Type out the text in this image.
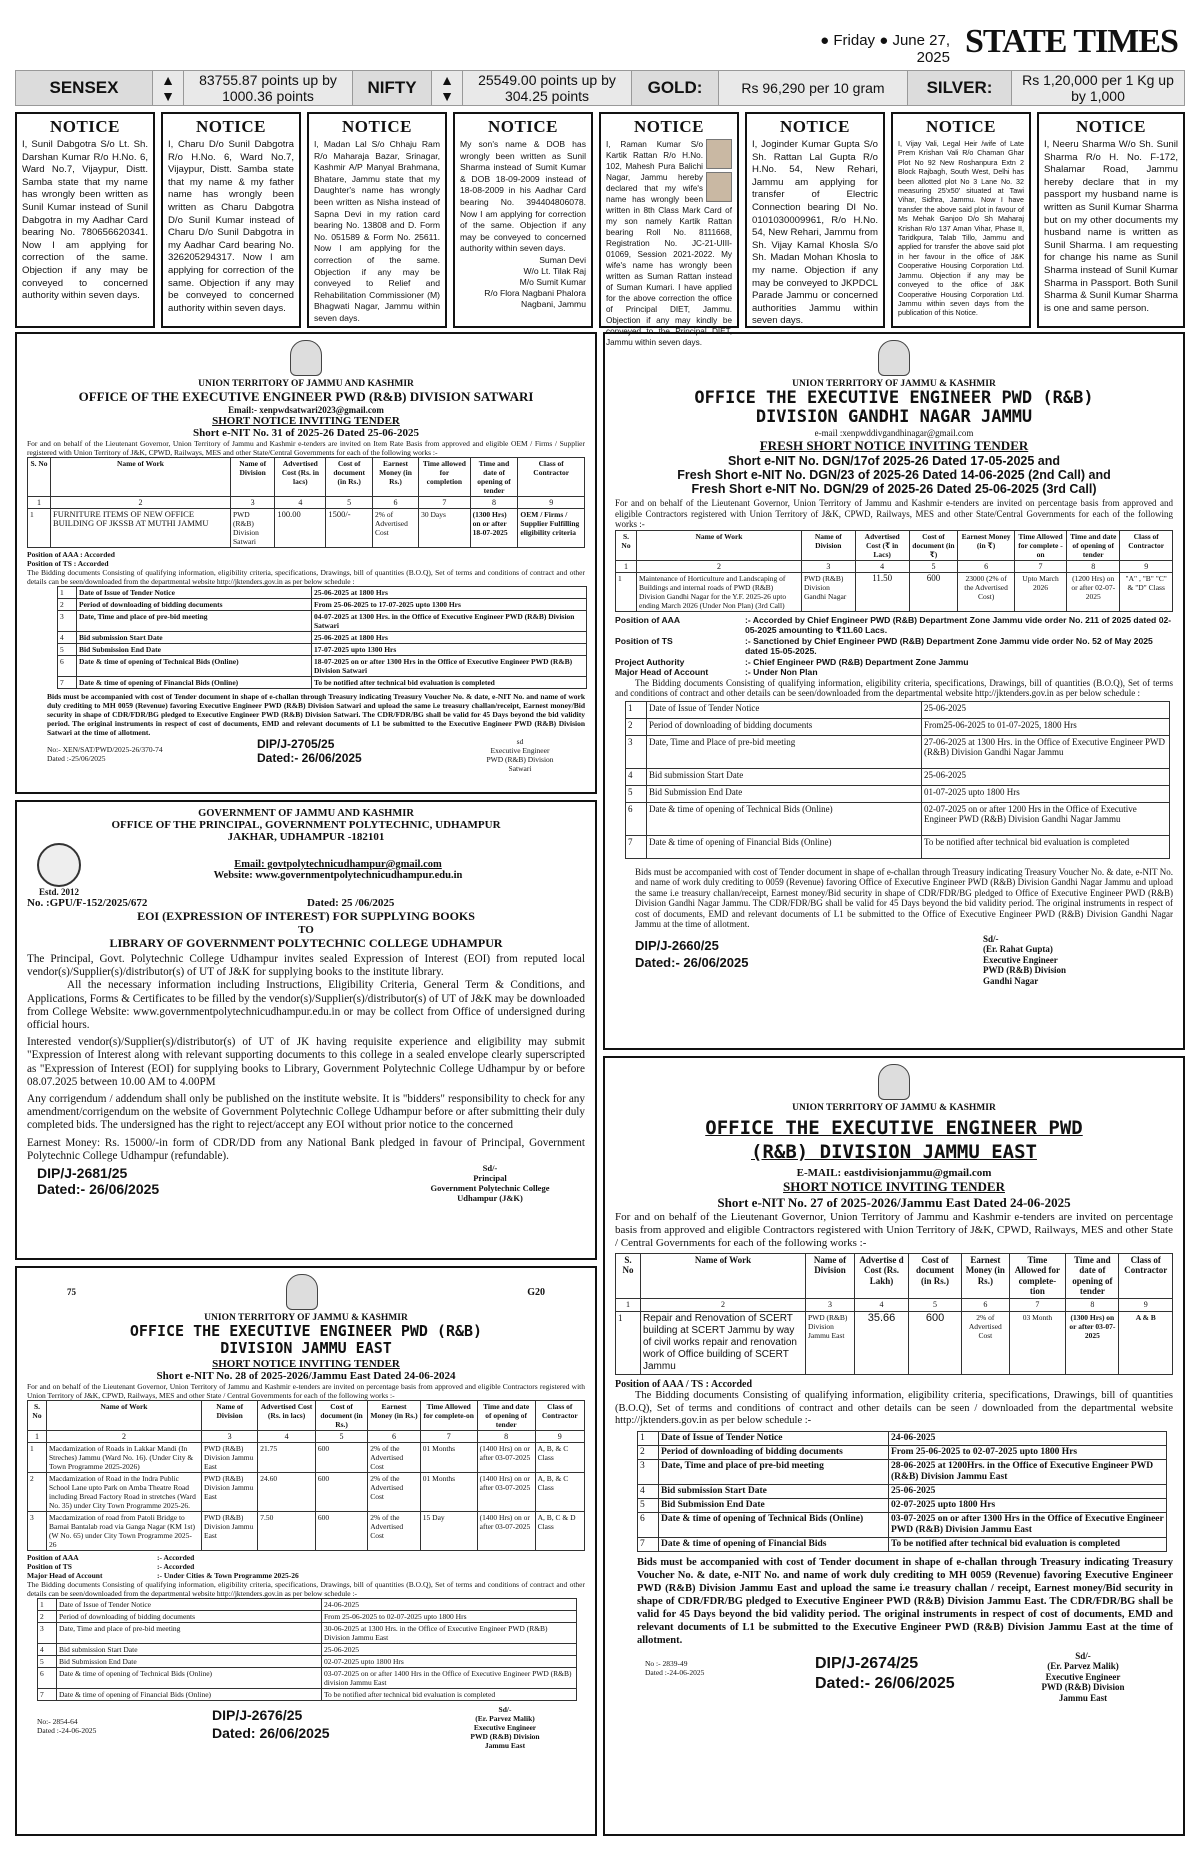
● Friday ● June 27, 2025 STATE TIMES
SENSEX	▲
▼
83755.87 points up by 1000.36 points	NIFTY	▲
▼
25549.00 points up by 304.25 points	GOLD:	Rs 96,290 per 10 gram	SILVER:	Rs 1,20,000 per 1 Kg up by 1,000
NOTICE

I, Sunil Dabgotra S/o Lt. Sh. Darshan Kumar R/o H.No. 6, Ward No.7, Vijaypur, Distt. Samba state that my name has wrongly been written as Sunil Kumar instead of Sunil Dabgotra in my Aadhar Card bearing No. 780656620341. Now I am applying for correction of the same. Objection if any may be conveyed to concerned authority within seven days.

NOTICE

I, Charu D/o Sunil Dabgotra R/o H.No. 6, Ward No.7, Vijaypur, Distt. Samba state that my name & my father name has wrongly been written as Charu Dabgotra D/o Sunil Kumar instead of Charu D/o Sunil Dabgotra in my Aadhar Card bearing No. 326205294317. Now I am applying for correction of the same. Objection if any may be conveyed to concerned authority within seven days.

NOTICE

I, Madan Lal S/o Chhaju Ram R/o Maharaja Bazar, Srinagar, Kashmir A/P Manyal Brahmana, Bhatare, Jammu state that my Daughter's name has wrongly been written as Nisha instead of Sapna Devi in my ration card bearing No. 13808 and D. Form No. 051589 & Form No. 25611. Now I am applying for the correction of the same. Objection if any may be conveyed to Relief and Rehabilitation Commissioner (M) Bhagwati Nagar, Jammu within seven days.

NOTICE

My son's name & DOB has wrongly been written as Sunil Sharma instead of Sumit Kumar & DOB 18-09-2009 instead of 18-08-2009 in his Aadhar Card bearing No. 394404806078. Now I am applying for correction of the same. Objection if any may be conveyed to concerned authority within seven days.

Suman Devi
W/o Lt. Tilak Raj
M/o Sumit Kumar
R/o Flora Nagbani Phalora
Nagbani, Jammu
NOTICE

I, Raman Kumar S/o Kartik Rattan R/o H.No. 102, Mahesh Pura Balichi Nagar, Jammu hereby declared that my wife's name has wrongly been written in 8th Class Mark Card of my son namely Kartik Rattan bearing Roll No. 8111668, Registration No. JC-21-UIII-01069, Session 2021-2022. My wife's name has wrongly been written as Suman Rattan instead of Suman Kumari. I have applied for the above correction the office of Principal DIET, Jammu. Objection if any may kindly be conveyed to the Principal DIET, Jammu within seven days.

NOTICE

I, Joginder Kumar Gupta S/o Sh. Rattan Lal Gupta R/o H.No. 54, New Rehari, Jammu am applying for transfer of Electric Connection bearing DI No. 0101030009961, R/o H.No. 54, New Rehari, Jammu from Sh. Vijay Kamal Khosla S/o Sh. Madan Mohan Khosla to my name. Objection if any may be conveyed to JKPDCL Parade Jammu or concerned authorities Jammu within seven days.

NOTICE

I, Vijay Vali, Legal Heir /wife of Late Prem Krishan Vali R/o Chaman Ghar Plot No 92 New Roshanpura Extn 2 Block Rajbagh, South West, Delhi has been allotted plot No 3 Lane No. 32 measuring 25'x50' situated at Tawi Vihar, Sidhra, Jammu. Now I have transfer the above said plot in favour of Ms Mehak Ganjoo D/o Sh Maharaj Krishan R/o 137 Aman Vihar, Phase II, Taridkpura, Talab Tillo, Jammu and applied for transfer the above said plot in her favour in the office of J&K Cooperative Housing Corporation Ltd. Jammu. Objection if any may be conveyed to the office of J&K Cooperative Housing Corporation Ltd. Jammu within seven days from the publication of this Notice.

NOTICE

I, Neeru Sharma W/o Sh. Sunil Sharma R/o H. No. F-172, Shalamar Road, Jammu hereby declare that in my passport my husband name is written as Sunil Kumar Sharma but on my other documents my husband name is written as Sunil Sharma. I am requesting for change his name as Sunil Sharma instead of Sunil Kumar Sharma in Passport. Both Sunil Sharma & Sunil Kumar Sharma is one and same person.

UNION TERRITORY OF JAMMU AND KASHMIR
OFFICE OF THE EXECUTIVE ENGINEER PWD (R&B) DIVISION SATWARI
Email:- xenpwdsatwari2023@gmail.com
SHORT NOTICE INVITING TENDER
Short e-NIT No. 31 of 2025-26 Dated 25-06-2025
For and on behalf of the Lieutenant Governor, Union Territory of Jammu and Kashmir e-tenders are invited on Item Rate Basis from approved and eligible OEM / Firms / Supplier registered with Union Territory of J&K, CPWD, Railways, MES and other State/Central Governments for each of the following works :-
S. No	Name of Work	Name of Division	Advertised Cost (Rs. in lacs)	Cost of document (in Rs.)	Earnest Money (in Rs.)	Time allowed for completion	Time and date of opening of tender	Class of Contractor
1	2	3	4	5	6	7	8	9
1	FURNITURE ITEMS OF NEW OFFICE BUILDING OF JKSSB AT MUTHI JAMMU	PWD (R&B) Division Satwari	100.00	1500/-	2% of Advertised Cost	30 Days	(1300 Hrs) on or after 18-07-2025	OEM / Firms / Supplier Fulfilling eligibility criteria
Position of AAA : Accorded
Position of TS : Accorded
The Bidding documents Consisting of qualifying information, eligibility criteria, specifications, Drawings, bill of quantities (B.O.Q), Set of terms and conditions of contract and other details can be seen/downloaded from the departmental website http://jktenders.gov.in as per below schedule :
1	Date of Issue of Tender Notice	25-06-2025 at 1800 Hrs
2	Period of downloading of bidding documents	From 25-06-2025 to 17-07-2025 upto 1300 Hrs
3	Date, Time and place of pre-bid meeting	04-07-2025 at 1300 Hrs. in the Office of Executive Engineer PWD (R&B) Division Satwari
4	Bid submission Start Date	25-06-2025 at 1800 Hrs
5	Bid Submission End Date	17-07-2025 upto 1300 Hrs
6	Date & time of opening of Technical Bids (Online)	18-07-2025 on or after 1300 Hrs in the Office of Executive Engineer PWD (R&B) Division Satwari
7	Date & time of opening of Financial Bids (Online)	To be notified after technical bid evaluation is completed
Bids must be accompanied with cost of Tender document in shape of e-challan through Treasury indicating Treasury Voucher No. & date, e-NIT No. and name of work duly crediting to MH 0059 (Revenue) favoring Executive Engineer PWD (R&B) Division Satwari and upload the same i.e treasury challan/receipt, Earnest money/Bid security in shape of CDR/FDR/BG pledged to Executive Engineer PWD (R&B) Division Satwari. The CDR/FDR/BG shall be valid for 45 Days beyond the bid validity period. The original instruments in respect of cost of documents, EMD and relevant documents of L1 be submitted to the Executive Engineer PWD (R&B) Division Satwari at the time of allotment.
No:- XEN/SAT/PWD/2025-26/370-74
Dated :-25/06/2025
DIP/J-2705/25
Dated:- 26/06/2025
sd
Executive Engineer
PWD (R&B) Division
Satwari
GOVERNMENT OF JAMMU AND KASHMIR
OFFICE OF THE PRINCIPAL, GOVERNMENT POLYTECHNIC, UDHAMPUR
JAKHAR, UDHAMPUR -182101
Estd. 2012
Email: govtpolytechnicudhampur@gmail.com
Website: www.governmentpolytechnicudhampur.edu.in
No. :GPU/F-152/2025/672	Dated: 25 /06/2025
EOI (EXPRESSION OF INTEREST) FOR SUPPLYING BOOKS
TO
LIBRARY OF GOVERNMENT POLYTECHNIC COLLEGE UDHAMPUR
The Principal, Govt. Polytechnic College Udhampur invites sealed Expression of Interest (EOI) from reputed local vendor(s)/Supplier(s)/distributor(s) of UT of J&K for supplying books to the institute library.
All the necessary information including Instructions, Eligibility Criteria, General Term & Conditions, and Applications, Forms & Certificates to be filled by the vendor(s)/Supplier(s)/distributor(s) of UT of J&K may be downloaded from College Website: www.governmentpolytechnicudhampur.edu.in or may be collect from Office of undersigned during official hours.
Interested vendor(s)/Supplier(s)/distributor(s) of UT of JK having requisite experience and eligibility may submit "Expression of Interest along with relevant supporting documents to this college in a sealed envelope clearly superscripted as "Expression of Interest (EOI) for supplying books to Library, Government Polytechnic College Udhampur by or before 08.07.2025 between 10.00 AM to 4.00PM
Any corrigendum / addendum shall only be published on the institute website. It is "bidders" responsibility to check for any amendment/corrigendum on the website of Government Polytechnic College Udhampur before or after submitting their duly completed bids. The undersigned has the right to reject/accept any EOI without prior notice to the concerned
Earnest Money: Rs. 15000/-in form of CDR/DD from any National Bank pledged in favour of Principal, Government Polytechnic College Udhampur (refundable).
DIP/J-2681/25
Dated:- 26/06/2025
Sd/-
Principal
Government Polytechnic College
Udhampur (J&K)
75	G20
UNION TERRITORY OF JAMMU & KASHMIR
OFFICE THE EXECUTIVE ENGINEER PWD (R&B)
DIVISION JAMMU EAST
SHORT NOTICE INVITING TENDER
Short e-NIT No. 28 of 2025-2026/Jammu East Dated 24-06-2024
For and on behalf of the Lieutenant Governor, Union Territory of Jammu and Kashmir e-tenders are invited on percentage basis from approved and eligible Contractors registered with Union Territory of J&K, CPWD, Railways, MES and other State / Central Governments for each of the following works :-
S. No	Name of Work	Name of Division	Advertised Cost (Rs. in lacs)	Cost of document (in Rs.)	Earnest Money (in Rs.)	Time Allowed for complete-on	Time and date of opening of tender	Class of Contractor
1	2	3	4	5	6	7	8	9
1	Macdamization of Roads in Lakkar Mandi (In Streches) Jammu (Ward No. 16). (Under City & Town Programme 2025-2026)	PWD (R&B) Division Jammu East	21.75	600	2% of the Advertised Cost	01 Months	(1400 Hrs) on or after 03-07-2025	A, B, & C Class
2	Macdamization of Road in the Indra Public School Lane upto Park on Amba Theatre Road including Bread Factory Road in stretches (Ward No. 35) under City Town Programme 2025-26.	PWD (R&B) Division Jammu East	24.60	600	2% of the Advertised Cost	01 Months	(1400 Hrs) on or after 03-07-2025	A, B, & C Class
3	Macdamization of road from Patoli Bridge to Barnai Bantalab road via Ganga Nagar (KM 1st) (W No. 65) under City Town Programme 2025-26	PWD (R&B) Division Jammu East	7.50	600	2% of the Advertised Cost	15 Day	(1400 Hrs) on or after 03-07-2025	A, B, C & D Class
Position of AAA	:- Accorded
Position of TS	:- Accorded
Major Head of Account	:- Under Cities & Town Programme 2025-26
The Bidding documents Consisting of qualifying information, eligibility criteria, specifications, Drawings, bill of quantities (B.O.Q), Set of terms and conditions of contract and other details can be seen/downloaded from the departmental website http://jktenders.gov.in as per below schedule :-
1	Date of Issue of Tender Notice	24-06-2025
2	Period of downloading of bidding documents	From 25-06-2025 to 02-07-2025 upto 1800 Hrs
3	Date, Time and place of pre-bid meeting	30-06-2025 at 1300 Hrs. in the Office of Executive Engineer PWD (R&B) Division Jammu East
4	Bid submission Start Date	25-06-2025
5	Bid Submission End Date	02-07-2025 upto 1800 Hrs
6	Date & time of opening of Technical Bids (Online)	03-07-2025 on or after 1400 Hrs in the Office of Executive Engineer PWD (R&B) division Jammu East
7	Date & time of opening of Financial Bids (Online)	To be notified after technical bid evaluation is completed
No:- 2854-64
Dated :-24-06-2025
DIP/J-2676/25
Dated: 26/06/2025
Sd/-
(Er. Parvez Malik)
Executive Engineer
PWD (R&B) Division
Jammu East
UNION TERRITORY OF JAMMU & KASHMIR
OFFICE THE EXECUTIVE ENGINEER PWD (R&B)
DIVISION GANDHI NAGAR JAMMU
e-mail :xenpwddivgandhinagar@gmail.com
FRESH SHORT NOTICE INVITING TENDER
Short e-NIT No. DGN/17of 2025-26 Dated 17-05-2025 and
Fresh Short e-NIT No. DGN/23 of 2025-26 Dated 14-06-2025 (2nd Call) and
Fresh Short e-NIT No. DGN/29 of 2025-26 Dated 25-06-2025 (3rd Call)
For and on behalf of the Lieutenant Governor, Union Territory of Jammu and Kashmir e-tenders are invited on percentage basis from approved and eligible Contractors registered with Union Territory of J&K, CPWD, Railways, MES and other State/Central Governments for each of the following works :-
S. No	Name of Work	Name of Division	Advertised Cost (₹ in Lacs)	Cost of document (in ₹)	Earnest Money (in ₹)	Time Allowed for complete -on	Time and date of opening of tender	Class of Contractor
1	2	3	4	5	6	7	8	9
1	Maintenance of Horticulture and Landscaping of Buildings and internal roads of PWD (R&B) Division Gandhi Nagar for the Y.F. 2025-26 upto ending March 2026 (Under Non Plan) (3rd Call)	PWD (R&B) Division Gandhi Nagar	11.50	600	23000 (2% of the Advertised Cost)	Upto March 2026	(1200 Hrs) on or after 02-07-2025	"A" , "B" "C" & "D" Class
Position of AAA	:- Accorded by Chief Engineer PWD (R&B) Department Zone Jammu vide order No. 211 of 2025 dated 02-05-2025 amounting to ₹11.60 Lacs.
Position of TS	:- Sanctioned by Chief Engineer PWD (R&B) Department Zone Jammu vide order No. 52 of May 2025 dated 15-05-2025.
Project Authority	:- Chief Engineer PWD (R&B) Department Zone Jammu
Major Head of Account	:- Under Non Plan
The Bidding documents Consisting of qualifying information, eligibility criteria, specifications, Drawings, bill of quantities (B.O.Q), Set of terms and conditions of contract and other details can be seen/downloaded from the departmental website http://jktenders.gov.in as per below schedule :
1	Date of Issue of Tender Notice	25-06-2025
2	Period of downloading of bidding documents	From25-06-2025 to 01-07-2025, 1800 Hrs
3	Date, Time and Place of pre-bid meeting	27-06-2025 at 1300 Hrs. in the Office of Executive Engineer PWD (R&B) Division Gandhi Nagar Jammu
4	Bid submission Start Date	25-06-2025
5	Bid Submission End Date	01-07-2025 upto 1800 Hrs
6	Date & time of opening of Technical Bids (Online)	02-07-2025 on or after 1200 Hrs in the Office of Executive Engineer PWD (R&B) Division Gandhi Nagar Jammu
7	Date & time of opening of Financial Bids (Online)	To be notified after technical bid evaluation is completed
Bids must be accompanied with cost of Tender document in shape of e-challan through Treasury indicating Treasury Voucher No. & date, e-NIT No. and name of work duly crediting to 0059 (Revenue) favoring Office of Executive Engineer PWD (R&B) Division Gandhi Nagar Jammu and upload the same i.e treasury challan/receipt, Earnest money/Bid security in shape of CDR/FDR/BG pledged to Office of Executive Engineer PWD (R&B) Division Gandhi Nagar Jammu. The CDR/FDR/BG shall be valid for 45 Days beyond the bid validity period. The original instruments in respect of cost of documents, EMD and relevant documents of L1 be submitted to the Office of Executive Engineer PWD (R&B) Division Gandhi Nagar Jammu at the time of allotment.
DIP/J-2660/25
Dated:- 26/06/2025
Sd/-
(Er. Rahat Gupta)
Executive Engineer
PWD (R&B) Division
Gandhi Nagar
UNION TERRITORY OF JAMMU & KASHMIR
OFFICE THE EXECUTIVE ENGINEER PWD
(R&B) DIVISION JAMMU EAST
E-MAIL: eastdivisionjammu@gmail.com
SHORT NOTICE INVITING TENDER
Short e-NIT No. 27 of 2025-2026/Jammu East Dated 24-06-2025
For and on behalf of the Lieutenant Governor, Union Territory of Jammu and Kashmir e-tenders are invited on percentage basis from approved and eligible Contractors registered with Union Territory of J&K, CPWD, Railways, MES and other State / Central Governments for each of the following works :-
S. No	Name of Work	Name of Division	Advertise d Cost (Rs. Lakh)	Cost of document (in Rs.)	Earnest Money (in Rs.)	Time Allowed for complete-tion	Time and date of opening of tender	Class of Contractor
1	2	3	4	5	6	7	8	9
1	Repair and Renovation of SCERT building at SCERT Jammu by way of civil works repair and renovation work of Office building of SCERT Jammu	PWD (R&B) Division Jammu East	35.66	600	2% of Advertised Cost	03 Month	(1300 Hrs) on or after 03-07-2025	A & B
Position of AAA / TS : Accorded
The Bidding documents Consisting of qualifying information, eligibility criteria, specifications, Drawings, bill of quantities (B.O.Q), Set of terms and conditions of contract and other details can be seen / downloaded from the departmental website http://jktenders.gov.in as per below schedule :-
1	Date of Issue of Tender Notice	24-06-2025
2	Period of downloading of bidding documents	From 25-06-2025 to 02-07-2025 upto 1800 Hrs
3	Date, Time and place of pre-bid meeting	28-06-2025 at 1200Hrs. in the Office of Executive Engineer PWD (R&B) Division Jammu East
4	Bid submission Start Date	25-06-2025
5	Bid Submission End Date	02-07-2025 upto 1800 Hrs
6	Date & time of opening of Technical Bids (Online)	03-07-2025 on or after 1300 Hrs in the Office of Executive Engineer PWD (R&B) Division Jammu East
7	Date & time of opening of Financial Bids	To be notified after technical bid evaluation is completed
Bids must be accompanied with cost of Tender document in shape of e-challan through Treasury indicating Treasury Voucher No. & date, e-NIT No. and name of work duly crediting to MH 0059 (Revenue) favoring Executive Engineer PWD (R&B) Division Jammu East and upload the same i.e treasury challan / receipt, Earnest money/Bid security in shape of CDR/FDR/BG pledged to Executive Engineer PWD (R&B) Division Jammu East. The CDR/FDR/BG shall be valid for 45 Days beyond the bid validity period. The original instruments in respect of cost of documents, EMD and relevant documents of L1 be submitted to the Executive Engineer PWD (R&B) Division Jammu East at the time of allotment.
No :- 2839-49
Dated :-24-06-2025
DIP/J-2674/25
Dated:- 26/06/2025
Sd/-
(Er. Parvez Malik)
Executive Engineer
PWD (R&B) Division
Jammu East
